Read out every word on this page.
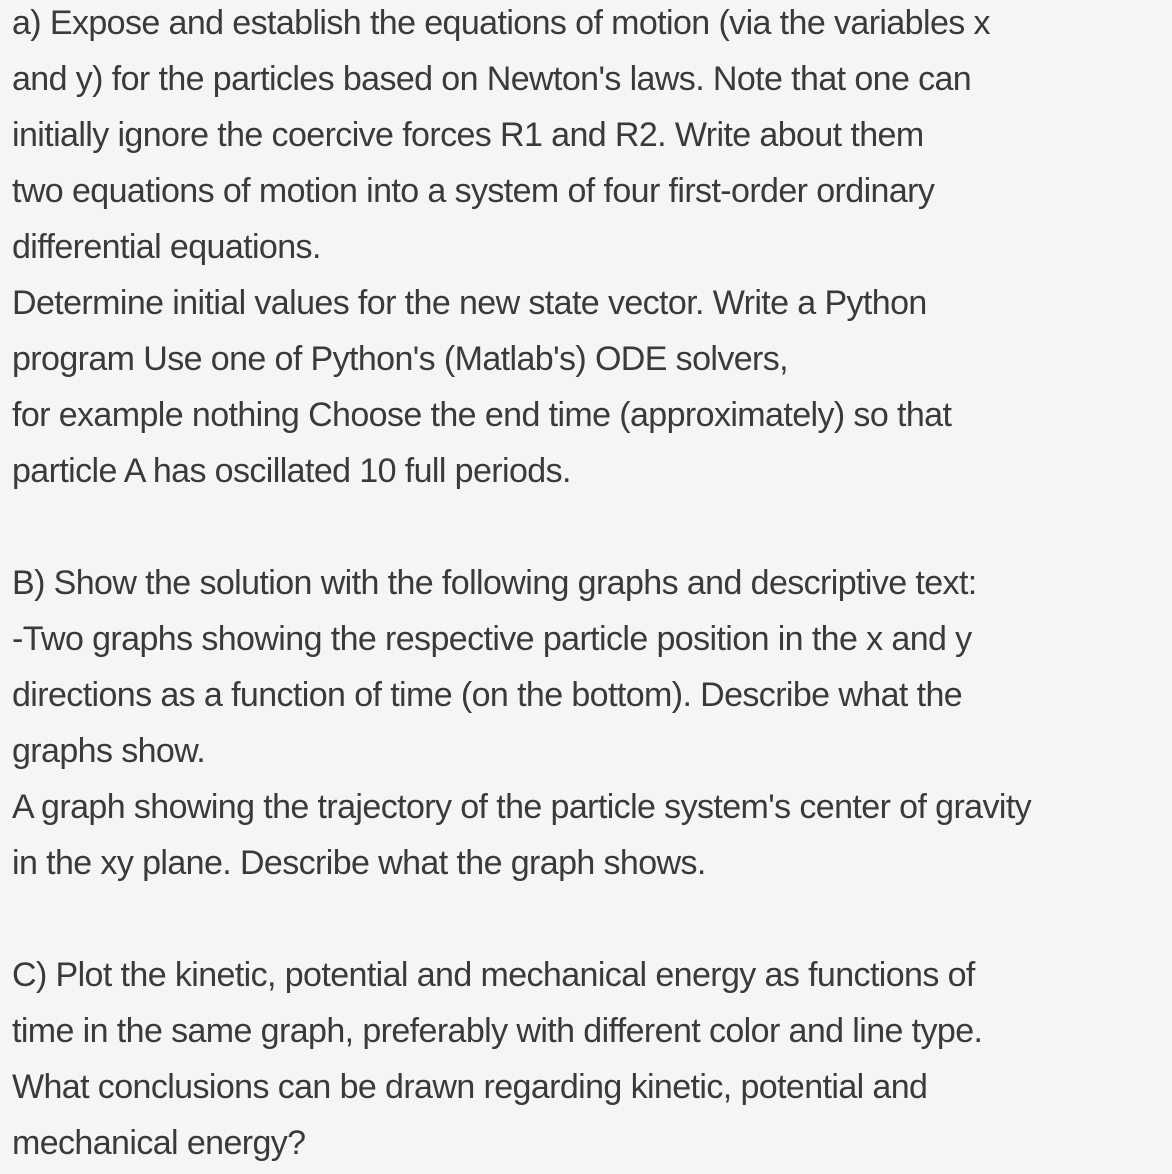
a) Expose and establish the equations of motion (via the variables x

and y) for the particles based on Newton's laws. Note that one can

initially ignore the coercive forces R1 and R2. Write about them

two equations of motion into a system of four first-order ordinary

differential equations.

Determine initial values for the new state vector. Write a Python

program Use one of Python's (Matlab's) ODE solvers,

for example nothing Choose the end time (approximately) so that

particle A has oscillated 10 full periods.

B) Show the solution with the following graphs and descriptive text:

-Two graphs showing the respective particle position in the x and y

directions as a function of time (on the bottom). Describe what the

graphs show.

A graph showing the trajectory of the particle system's center of gravity

in the xy plane. Describe what the graph shows.

C) Plot the kinetic, potential and mechanical energy as functions of

time in the same graph, preferably with different color and line type.

What conclusions can be drawn regarding kinetic, potential and

mechanical energy?
